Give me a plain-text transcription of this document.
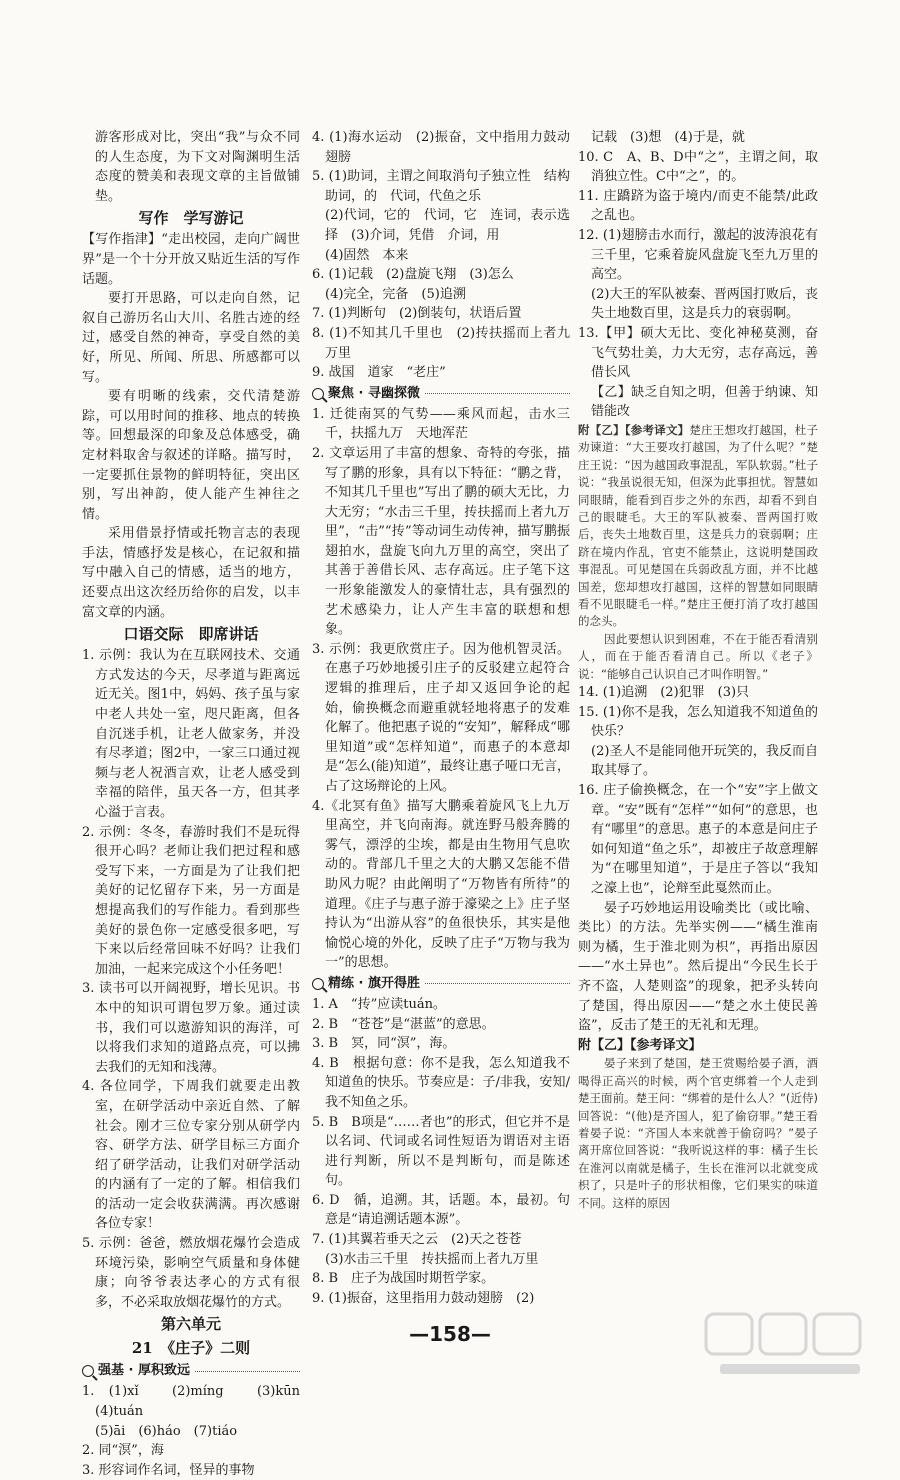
游客形成对比，突出“我”与众不同的人生态度，为下文对陶渊明生活态度的赞美和表现文章的主旨做铺垫。

写作　学写游记

【写作指津】“走出校园，走向广阔世界”是一个十分开放又贴近生活的写作话题。

要打开思路，可以走向自然，记叙自己游历名山大川、名胜古迹的经过，感受自然的神奇，享受自然的美好，所见、所闻、所思、所感都可以写。

要有明晰的线索，交代清楚游踪，可以用时间的推移、地点的转换等。回想最深的印象及总体感受，确定材料取舍与叙述的详略。描写时，一定要抓住景物的鲜明特征，突出区别，写出神韵，使人能产生神往之情。

采用借景抒情或托物言志的表现手法，情感抒发是核心，在记叙和描写中融入自己的情感，适当的地方，还要点出这次经历给你的启发，以丰富文章的内涵。

口语交际　即席讲话

1. 示例：我认为在互联网技术、交通方式发达的今天，尽孝道与距离远近无关。图1中，妈妈、孩子虽与家中老人共处一室，咫尺距离，但各自沉迷手机，让老人做家务，并没有尽孝道；图2中，一家三口通过视频与老人祝酒言欢，让老人感受到幸福的陪伴，虽天各一方，但其孝心溢于言表。

2. 示例：冬冬，春游时我们不是玩得很开心吗？老师让我们把过程和感受写下来，一方面是为了让我们把美好的记忆留存下来，另一方面是想提高我们的写作能力。看到那些美好的景色你一定感受很多吧，写下来以后经常回味不好吗？让我们加油，一起来完成这个小任务吧！

3. 读书可以开阔视野，增长见识。书本中的知识可谓包罗万象。通过读书，我们可以遨游知识的海洋，可以将我们求知的道路点亮，可以拂去我们的无知和浅薄。

4. 各位同学，下周我们就要走出教室，在研学活动中亲近自然、了解社会。刚才三位专家分别从研学内容、研学方法、研学目标三方面介绍了研学活动，让我们对研学活动的内涵有了一定的了解。相信我们的活动一定会收获满满。再次感谢各位专家！

5. 示例：爸爸，燃放烟花爆竹会造成环境污染，影响空气质量和身体健康；向爷爷表达孝心的方式有很多，不必采取放烟花爆竹的方式。

第六单元
21　《庄子》二则
强基 · 厚积致远

1. (1)xǐ　(2)míng　(3)kūn　(4)tuán

(5)āi　(6)háo　(7)tiáo

2. 同“溟”，海

3. 形容词作名词，怪异的事物

4. (1)海水运动　(2)振奋，文中指用力鼓动翅膀

5. (1)助词，主谓之间取消句子独立性　结构助词，的　代词，代鱼之乐

(2)代词，它的　代词，它　连词，表示选择　(3)介词，凭借　介词，用

(4)固然　本来

6. (1)记载　(2)盘旋飞翔　(3)怎么

(4)完全，完备　(5)追溯

7. (1)判断句　(2)倒装句，状语后置

8. (1)不知其几千里也　(2)抟扶摇而上者九万里

9. 战国　道家　“老庄”

聚焦 · 寻幽探微

1. 迁徙南冥的气势——乘风而起，击水三千，扶摇九万　天地浑茫

2. 文章运用了丰富的想象、奇特的夸张，描写了鹏的形象，具有以下特征：“鹏之背，不知其几千里也”写出了鹏的硕大无比，力大无穷；“水击三千里，抟扶摇而上者九万里”，“击”“抟”等动词生动传神，描写鹏振翅拍水，盘旋飞向九万里的高空，突出了其善于善借长风、志存高远。庄子笔下这一形象能激发人的豪情壮志，具有强烈的艺术感染力，让人产生丰富的联想和想象。

3. 示例：我更欣赏庄子。因为他机智灵活。在惠子巧妙地援引庄子的反驳建立起符合逻辑的推理后，庄子却又返回争论的起始，偷换概念而避重就轻地将惠子的发难化解了。他把惠子说的“安知”，解释成“哪里知道”或“怎样知道”，而惠子的本意却是“怎么(能)知道”，最终让惠子哑口无言，占了这场辩论的上风。

4.《北冥有鱼》描写大鹏乘着旋风飞上九万里高空，并飞向南海。就连野马般奔腾的雾气，漂浮的尘埃，都是由生物用气息吹动的。背部几千里之大的大鹏又怎能不借助风力呢？由此阐明了“万物皆有所待”的道理。《庄子与惠子游于濠梁之上》庄子坚持认为“出游从容”的鱼很快乐，其实是他愉悦心境的外化，反映了庄子“万物与我为一”的思想。

精练 · 旗开得胜

1. A　“抟”应读tuán。

2. B　“苍苍”是“湛蓝”的意思。

3. B　冥，同“溟”，海。

4. B　根据句意：你不是我，怎么知道我不知道鱼的快乐。节奏应是：子/非我，安知/我不知鱼之乐。

5. B　B项是“……者也”的形式，但它并不是以名词、代词或名词性短语为谓语对主语进行判断，所以不是判断句，而是陈述句。

6. D　循，追溯。其，话题。本，最初。句意是“请追溯话题本源”。

7. (1)其翼若垂天之云　(2)天之苍苍

(3)水击三千里　抟扶摇而上者九万里

8. B　庄子为战国时期哲学家。

9. (1)振奋，这里指用力鼓动翅膀　(2)

记载　(3)想　(4)于是，就

10. C　A、B、D中“之”，主谓之间，取消独立性。C中“之”，的。

11. 庄蹻跻为盗于境内/而吏不能禁/此政之乱也。

12. (1)翅膀击水而行，激起的波涛浪花有三千里，它乘着旋风盘旋飞至九万里的高空。

(2)大王的军队被秦、晋两国打败后，丧失土地数百里，这是兵力的衰弱啊。

13.【甲】硕大无比、变化神秘莫测，奋飞气势壮美，力大无穷，志存高远，善借长风

【乙】缺乏自知之明，但善于纳谏、知错能改

附【乙】【参考译文】楚庄王想攻打越国，杜子劝谏道：“大王要攻打越国，为了什么呢？”楚庄王说：“因为越国政事混乱，军队软弱。”杜子说：“我虽说很无知，但深为此事担忧。智慧如同眼睛，能看到百步之外的东西，却看不到自己的眼睫毛。大王的军队被秦、晋两国打败后，丧失土地数百里，这是兵力的衰弱啊；庄跻在境内作乱，官吏不能禁止，这说明楚国政事混乱。可见楚国在兵弱政乱方面，并不比越国差，您却想攻打越国，这样的智慧如同眼睛看不见眼睫毛一样。”楚庄王便打消了攻打越国的念头。

因此要想认识到困难，不在于能否看清别人，而在于能否看清自己。所以《老子》说：“能够自己认识自己才叫作明智。”

14. (1)追溯　(2)犯罪　(3)只

15. (1)你不是我，怎么知道我不知道鱼的快乐？

(2)圣人不是能同他开玩笑的，我反而自取其辱了。

16. 庄子偷换概念，在一个“安”字上做文章。“安”既有“怎样”“如何”的意思，也有“哪里”的意思。惠子的本意是问庄子如何知道“鱼之乐”，却被庄子故意理解为“在哪里知道”，于是庄子答以“我知之濠上也”，论辩至此戛然而止。

晏子巧妙地运用设喻类比（或比喻、类比）的方法。先举实例——“橘生淮南则为橘，生于淮北则为枳”，再指出原因——“水土异也”。然后提出“今民生长于齐不盗，人楚则盗”的现象，把矛头转向了楚国，得出原因——“楚之水土使民善盗”，反击了楚王的无礼和无理。

附【乙】【参考译文】

晏子来到了楚国，楚王赏赐给晏子酒，酒喝得正高兴的时候，两个官吏绑着一个人走到楚王面前。楚王问：“绑着的是什么人？”(近侍)回答说：“(他)是齐国人，犯了偷窃罪。”楚王看着晏子说：“齐国人本来就善于偷窃吗？”晏子离开席位回答说：“我听说这样的事：橘子生长在淮河以南就是橘子，生长在淮河以北就变成枳了，只是叶子的形状相像，它们果实的味道不同。这样的原因

—158—
